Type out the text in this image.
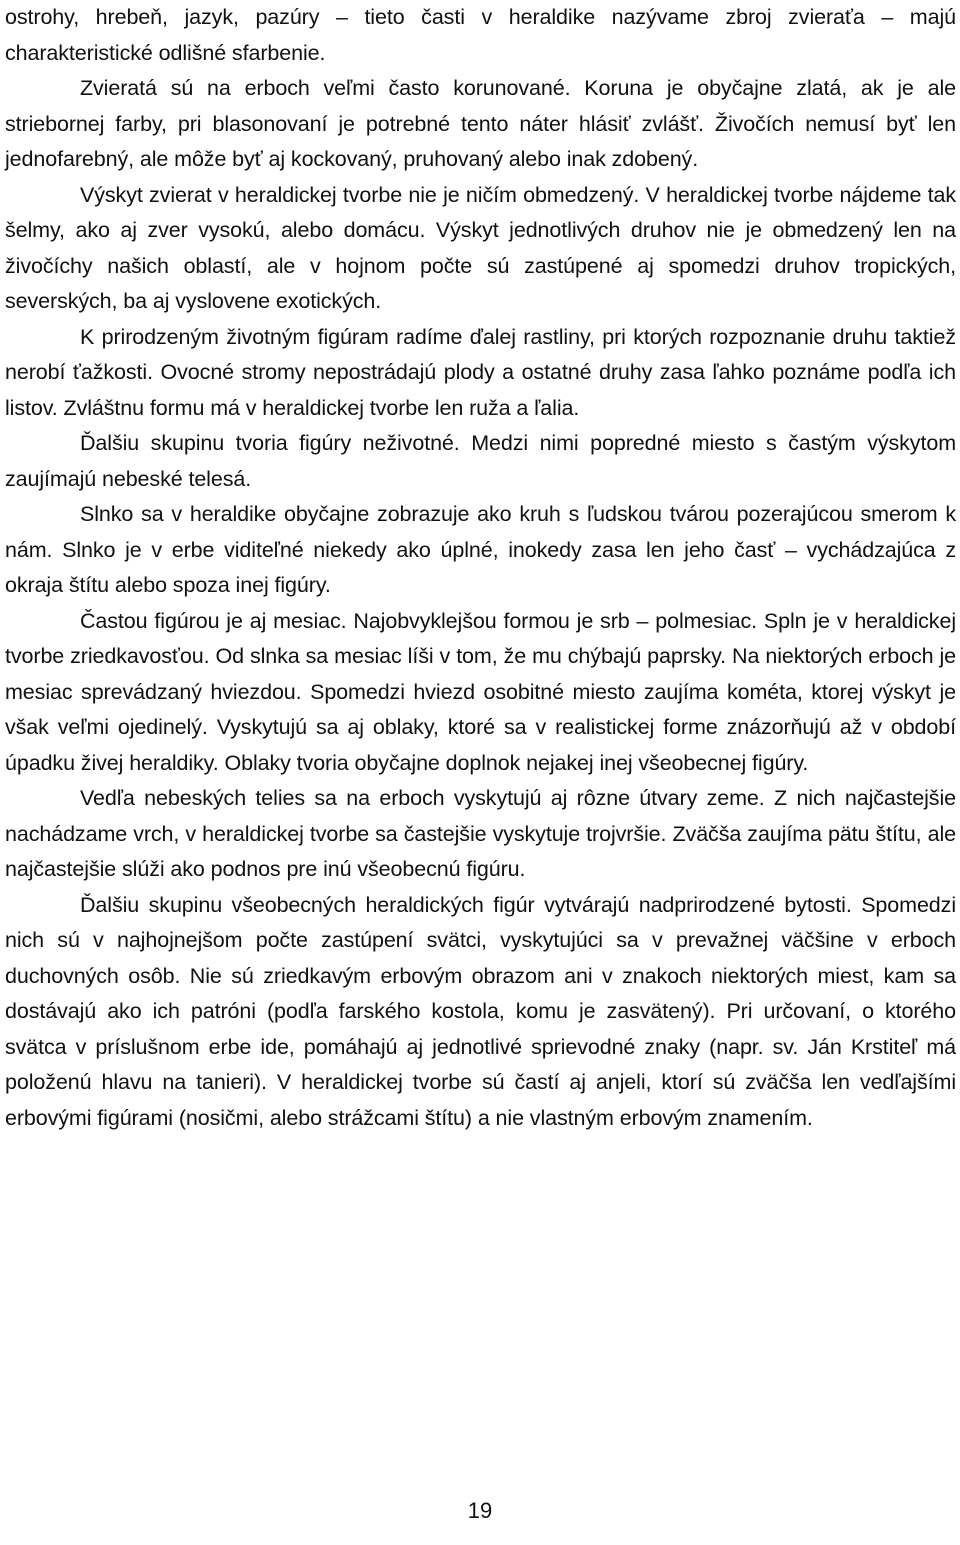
ostrohy, hrebeň, jazyk, pazúry – tieto časti v heraldike nazývame zbroj zvieraťa – majú charakteristické odlišné sfarbenie.

Zvieratá sú na erboch veľmi často korunované. Koruna je obyčajne zlatá, ak je ale striebornej farby, pri blasonovaní je potrebné tento náter hlásiť zvlášť. Živočích nemusí byť len jednofarebný, ale môže byť aj kockovaný, pruhovaný alebo inak zdobený.

Výskyt zvierat v heraldickej tvorbe nie je ničím obmedzený. V heraldickej tvorbe nájdeme tak šelmy, ako aj zver vysokú, alebo domácu. Výskyt jednotlivých druhov nie je obmedzený len na živočíchy našich oblastí, ale v hojnom počte sú zastúpené aj spomedzi druhov tropických, severských, ba aj vyslovene exotických.

K prirodzeným životným figúram radíme ďalej rastliny, pri ktorých rozpoznanie druhu taktiež nerobí ťažkosti. Ovocné stromy nepostrádajú plody a ostatné druhy zasa ľahko poznáme podľa ich listov. Zvláštnu formu má v heraldickej tvorbe len ruža a ľalia.

Ďalšiu skupinu tvoria figúry neživotné. Medzi nimi popredné miesto s častým výskytom zaujímajú nebeské telesá.

Slnko sa v heraldike obyčajne zobrazuje ako kruh s ľudskou tvárou pozerajúcou smerom k nám. Slnko je v erbe viditeľné niekedy ako úplné, inokedy zasa len jeho časť – vychádzajúca z okraja štítu alebo spoza inej figúry.

Častou figúrou je aj mesiac. Najobvyklejšou formou je srb – polmesiac. Spln je v heraldickej tvorbe zriedkavosťou. Od slnka sa mesiac líši v tom, že mu chýbajú paprsky. Na niektorých erboch je mesiac sprevádzaný hviezdou. Spomedzi hviezd osobitné miesto zaujíma kométa, ktorej výskyt je však veľmi ojedinelý. Vyskytujú sa aj oblaky, ktoré sa v realistickej forme znázorňujú až v období úpadku živej heraldiky. Oblaky tvoria obyčajne doplnok nejakej inej všeobecnej figúry.

Vedľa nebeských telies sa na erboch vyskytujú aj rôzne útvary zeme. Z nich najčastejšie nachádzame vrch, v heraldickej tvorbe sa častejšie vyskytuje trojvršie. Zväčša zaujíma pätu štítu, ale najčastejšie slúži ako podnos pre inú všeobecnú figúru.

Ďalšiu skupinu všeobecných heraldických figúr vytvárajú nadprirodzené bytosti. Spomedzi nich sú v najhojnejšom počte zastúpení svätci, vyskytujúci sa v prevažnej väčšine v erboch duchovných osôb. Nie sú zriedkavým erbovým obrazom ani v znakoch niektorých miest, kam sa dostávajú ako ich patróni (podľa farského kostola, komu je zasvätený). Pri určovaní, o ktorého svätca v príslušnom erbe ide, pomáhajú aj jednotlivé sprievodné znaky (napr. sv. Ján Krstiteľ má položenú hlavu na tanieri). V heraldickej tvorbe sú častí aj anjeli, ktorí sú zväčša len vedľajšími erbovými figúrami (nosičmi, alebo strážcami štítu) a nie vlastným erbovým znamením.

19
